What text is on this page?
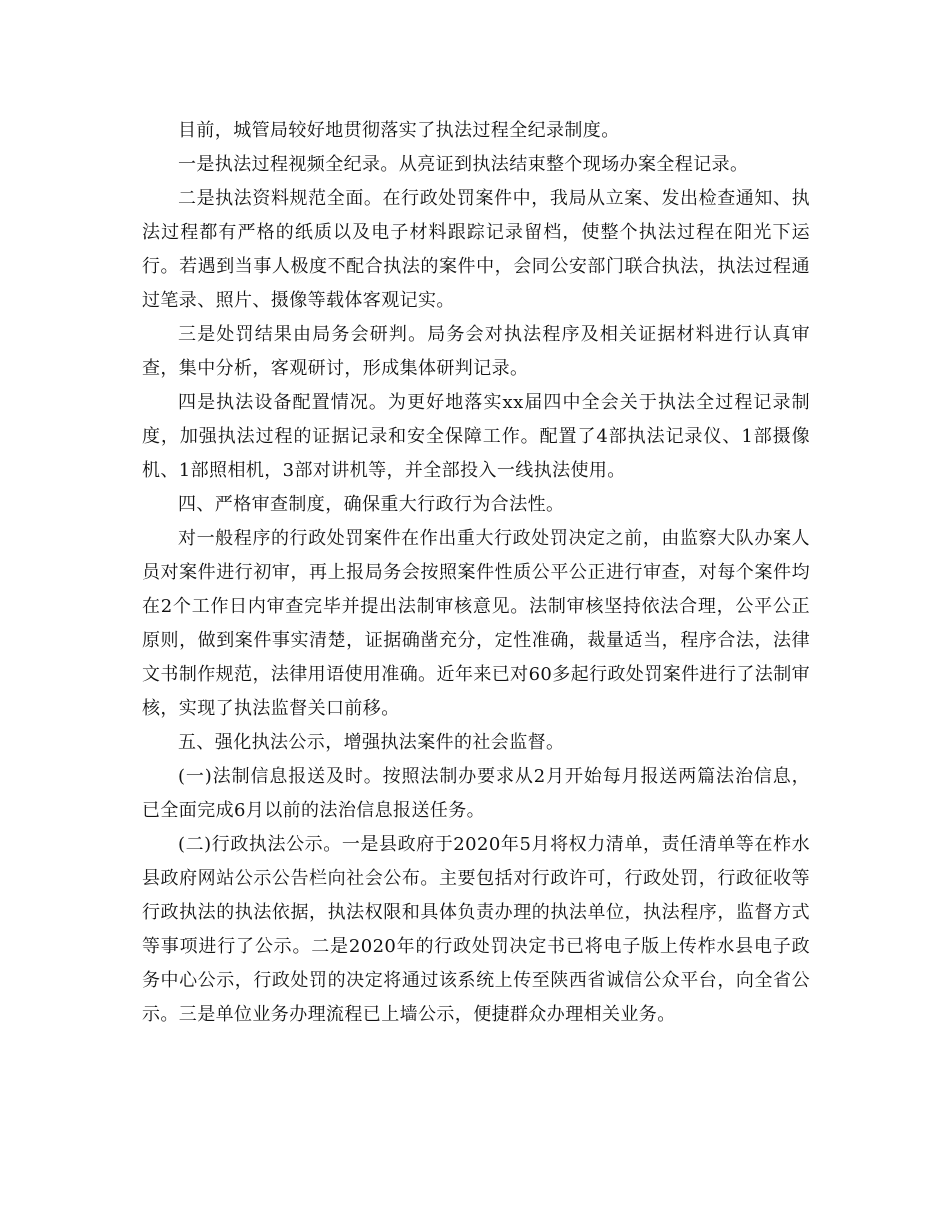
目前，城管局较好地贯彻落实了执法过程全纪录制度。

一是执法过程视频全纪录。从亮证到执法结束整个现场办案全程记录。

二是执法资料规范全面。在行政处罚案件中，我局从立案、发出检查通知、执法过程都有严格的纸质以及电子材料跟踪记录留档，使整个执法过程在阳光下运行。若遇到当事人极度不配合执法的案件中，会同公安部门联合执法，执法过程通过笔录、照片、摄像等载体客观记实。

三是处罚结果由局务会研判。局务会对执法程序及相关证据材料进行认真审查，集中分析，客观研讨，形成集体研判记录。

四是执法设备配置情况。为更好地落实xx届四中全会关于执法全过程记录制度，加强执法过程的证据记录和安全保障工作。配置了4部执法记录仪、1部摄像机、1部照相机，3部对讲机等，并全部投入一线执法使用。

四、严格审查制度，确保重大行政行为合法性。

对一般程序的行政处罚案件在作出重大行政处罚决定之前，由监察大队办案人员对案件进行初审，再上报局务会按照案件性质公平公正进行审查，对每个案件均在2个工作日内审查完毕并提出法制审核意见。法制审核坚持依法合理，公平公正原则，做到案件事实清楚，证据确凿充分，定性准确，裁量适当，程序合法，法律文书制作规范，法律用语使用准确。近年来已对60多起行政处罚案件进行了法制审核，实现了执法监督关口前移。

五、强化执法公示，增强执法案件的社会监督。

(一)法制信息报送及时。按照法制办要求从2月开始每月报送两篇法治信息，已全面完成6月以前的法治信息报送任务。

(二)行政执法公示。一是县政府于2020年5月将权力清单，责任清单等在柞水县政府网站公示公告栏向社会公布。主要包括对行政许可，行政处罚，行政征收等行政执法的执法依据，执法权限和具体负责办理的执法单位，执法程序，监督方式等事项进行了公示。二是2020年的行政处罚决定书已将电子版上传柞水县电子政务中心公示，行政处罚的决定将通过该系统上传至陕西省诚信公众平台，向全省公示。三是单位业务办理流程已上墙公示，便捷群众办理相关业务。
